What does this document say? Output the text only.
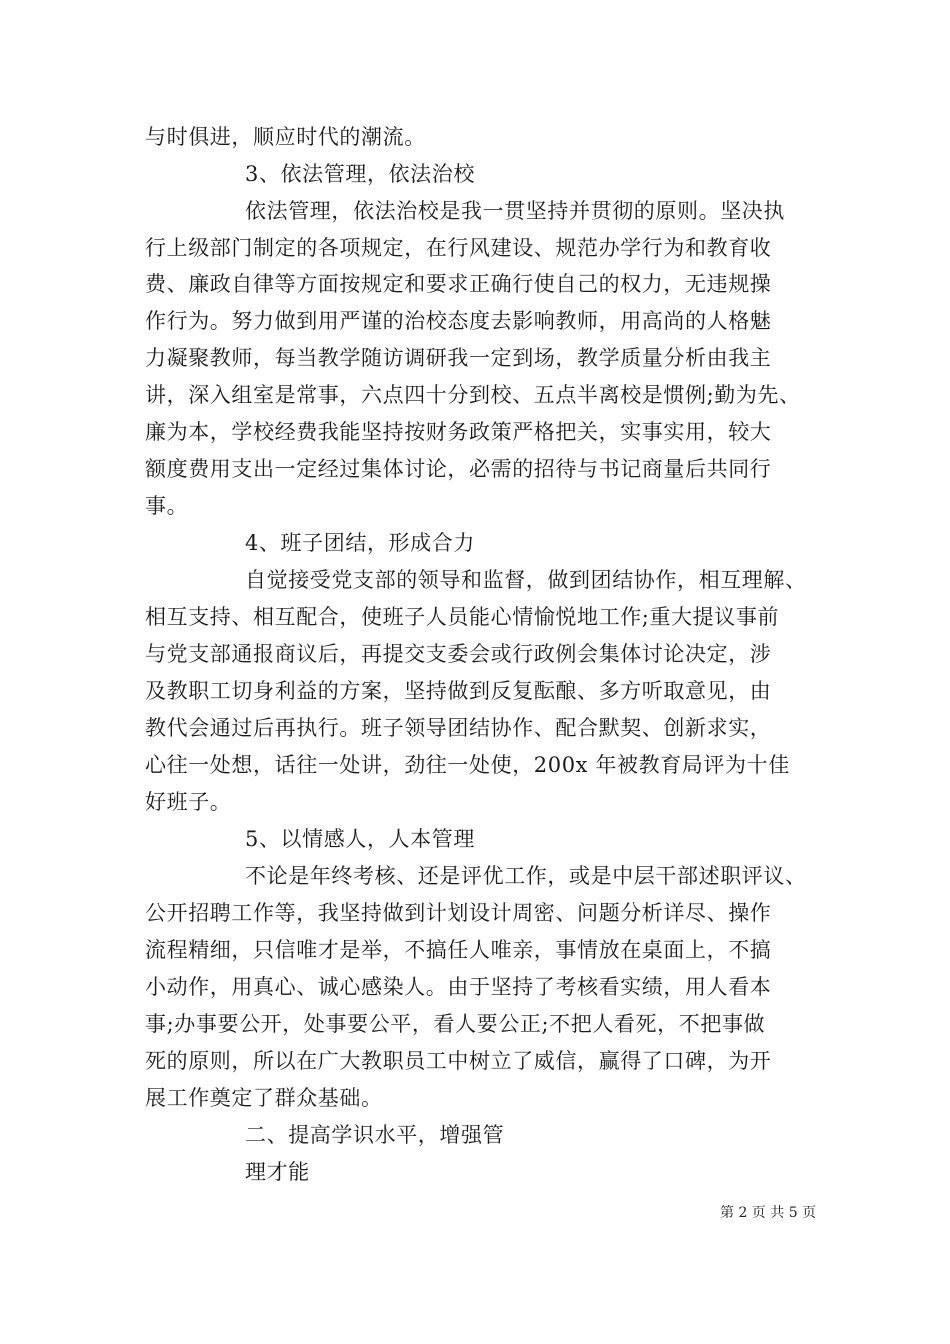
与时俱进，顺应时代的潮流。
3、依法管理，依法治校
依法管理，依法治校是我一贯坚持并贯彻的原则。坚决执
行上级部门制定的各项规定，在行风建设、规范办学行为和教育收
费、廉政自律等方面按规定和要求正确行使自己的权力，无违规操
作行为。努力做到用严谨的治校态度去影响教师，用高尚的人格魅
力凝聚教师，每当教学随访调研我一定到场，教学质量分析由我主
讲，深入组室是常事，六点四十分到校、五点半离校是惯例;勤为先、
廉为本，学校经费我能坚持按财务政策严格把关，实事实用，较大
额度费用支出一定经过集体讨论，必需的招待与书记商量后共同行
事。
4、班子团结，形成合力
自觉接受党支部的领导和监督，做到团结协作，相互理解、
相互支持、相互配合，使班子人员能心情愉悦地工作;重大提议事前
与党支部通报商议后，再提交支委会或行政例会集体讨论决定，涉
及教职工切身利益的方案，坚持做到反复酝酿、多方听取意见，由
教代会通过后再执行。班子领导团结协作、配合默契、创新求实，
心往一处想，话往一处讲，劲往一处使，200x 年被教育局评为十佳
好班子。
5、以情感人，人本管理
不论是年终考核、还是评优工作，或是中层干部述职评议、
公开招聘工作等，我坚持做到计划设计周密、问题分析详尽、操作
流程精细，只信唯才是举，不搞任人唯亲，事情放在桌面上，不搞
小动作，用真心、诚心感染人。由于坚持了考核看实绩，用人看本
事;办事要公开，处事要公平，看人要公正;不把人看死，不把事做
死的原则，所以在广大教职员工中树立了威信，赢得了口碑，为开
展工作奠定了群众基础。
二、提高学识水平，增强管
理才能
第 2 页 共 5 页
